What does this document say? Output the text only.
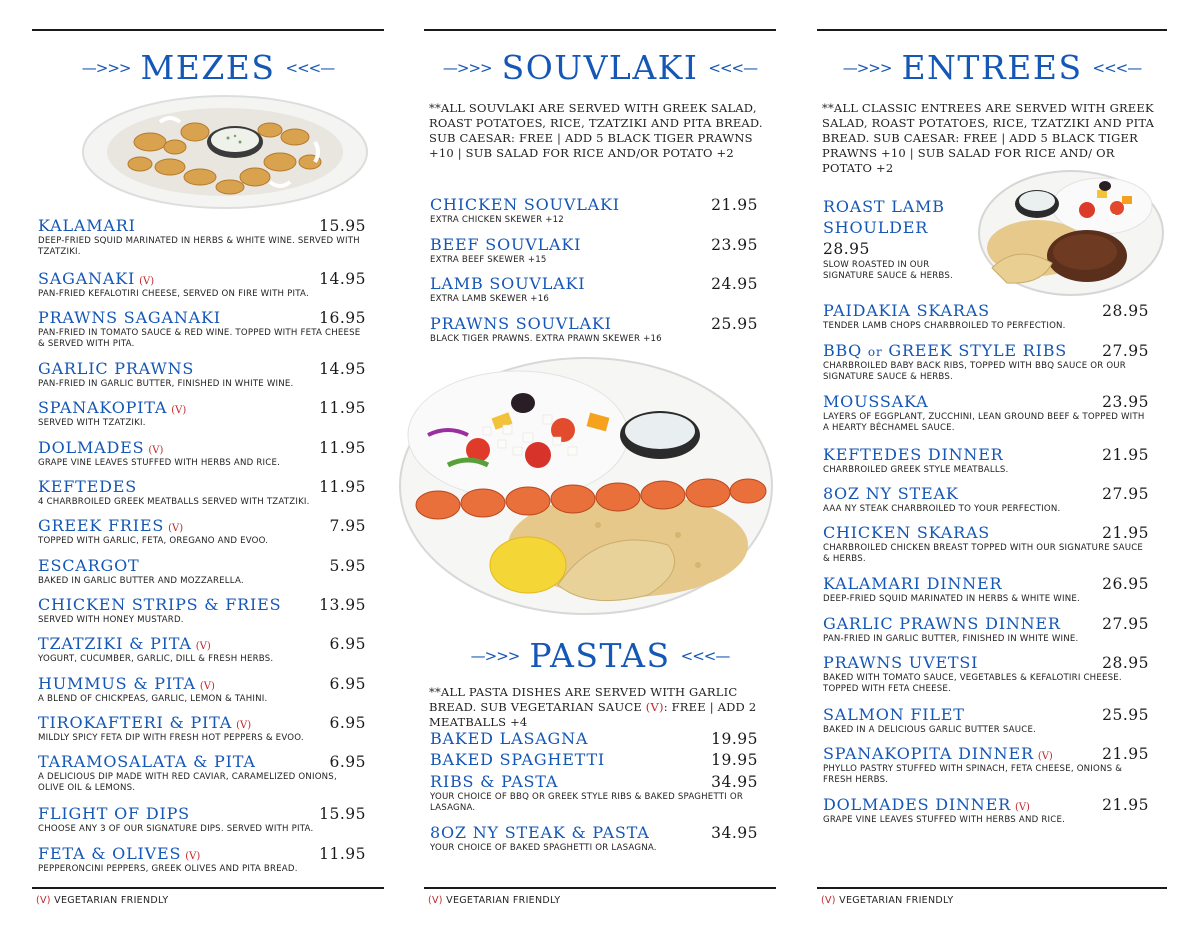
—>>> MEZES <<<—
KALAMARI	15.95
DEEP-FRIED SQUID MARINATED IN HERBS & WHITE WINE. SERVED WITH TZATZIKI.
SAGANAKI (V)	14.95
PAN-FRIED KEFALOTIRI CHEESE, SERVED ON FIRE WITH PITA.
PRAWNS SAGANAKI	16.95
PAN-FRIED IN TOMATO SAUCE & RED WINE. TOPPED WITH FETA CHEESE & SERVED WITH PITA.
GARLIC PRAWNS	14.95
PAN-FRIED IN GARLIC BUTTER, FINISHED IN WHITE WINE.
SPANAKOPITA (V)	11.95
SERVED WITH TZATZIKI.
DOLMADES (V)	11.95
GRAPE VINE LEAVES STUFFED WITH HERBS AND RICE.
KEFTEDES	11.95
4 CHARBROILED GREEK MEATBALLS SERVED WITH TZATZIKI.
GREEK FRIES (V)	7.95
TOPPED WITH GARLIC, FETA, OREGANO AND EVOO.
ESCARGOT	5.95
BAKED IN GARLIC BUTTER AND MOZZARELLA.
CHICKEN STRIPS & FRIES 13.95
SERVED WITH HONEY MUSTARD.
TZATZIKI & PITA (V)	6.95
YOGURT, CUCUMBER, GARLIC, DILL & FRESH HERBS.
HUMMUS & PITA (V)	6.95
A BLEND OF CHICKPEAS, GARLIC, LEMON & TAHINI.
TIROKAFTERI & PITA (V)	6.95
MILDLY SPICY FETA DIP WITH FRESH HOT PEPPERS & EVOO.
TARAMOSALATA & PITA	6.95
A DELICIOUS DIP MADE WITH RED CAVIAR, CARAMELIZED ONIONS, OLIVE OIL & LEMONS.
FLIGHT OF DIPS	15.95
CHOOSE ANY 3 OF OUR SIGNATURE DIPS. SERVED WITH PITA.
FETA & OLIVES (V)	11.95
PEPPERONCINI PEPPERS, GREEK OLIVES AND PITA BREAD.
(V) VEGETARIAN FRIENDLY
—>>> SOUVLAKI <<<—
**ALL SOUVLAKI ARE SERVED WITH GREEK SALAD, ROAST POTATOES, RICE, TZATZIKI AND PITA BREAD. SUB CAESAR: FREE | ADD 5 BLACK TIGER PRAWNS +10 | SUB SALAD FOR RICE AND/OR POTATO +2
CHICKEN SOUVLAKI	21.95
EXTRA CHICKEN SKEWER +12
BEEF SOUVLAKI	23.95
EXTRA BEEF SKEWER +15
LAMB SOUVLAKI	24.95
EXTRA LAMB SKEWER +16
PRAWNS SOUVLAKI	25.95
BLACK TIGER PRAWNS. EXTRA PRAWN SKEWER +16
—>>> PASTAS <<<—
**ALL PASTA DISHES ARE SERVED WITH GARLIC BREAD. SUB VEGETARIAN SAUCE (V): FREE | ADD 2 MEATBALLS +4
BAKED LASAGNA	19.95
BAKED SPAGHETTI	19.95
RIBS & PASTA	34.95
YOUR CHOICE OF BBQ OR GREEK STYLE RIBS & BAKED SPAGHETTI OR LASAGNA.
8OZ NY STEAK & PASTA	34.95
YOUR CHOICE OF BAKED SPAGHETTI OR LASAGNA.
(V) VEGETARIAN FRIENDLY
—>>> ENTREES <<<—
**ALL CLASSIC ENTREES ARE SERVED WITH GREEK SALAD, ROAST POTATOES, RICE, TZATZIKI AND PITA BREAD. SUB CAESAR: FREE | ADD 5 BLACK TIGER PRAWNS +10 | SUB SALAD FOR RICE AND/ OR POTATO +2
ROAST LAMB
SHOULDER
28.95
SLOW ROASTED IN OUR SIGNATURE SAUCE & HERBS.
PAIDAKIA SKARAS	28.95
TENDER LAMB CHOPS CHARBROILED TO PERFECTION.
BBQ or GREEK STYLE RIBS 27.95
CHARBROILED BABY BACK RIBS, TOPPED WITH BBQ SAUCE OR OUR SIGNATURE SAUCE & HERBS.
MOUSSAKA	23.95
LAYERS OF EGGPLANT, ZUCCHINI, LEAN GROUND BEEF & TOPPED WITH A HEARTY BÉCHAMEL SAUCE.
KEFTEDES DINNER	21.95
CHARBROILED GREEK STYLE MEATBALLS.
8OZ NY STEAK	27.95
AAA NY STEAK CHARBROILED TO YOUR PERFECTION.
CHICKEN SKARAS	21.95
CHARBROILED CHICKEN BREAST TOPPED WITH OUR SIGNATURE SAUCE & HERBS.
KALAMARI DINNER	26.95
DEEP-FRIED SQUID MARINATED IN HERBS & WHITE WINE.
GARLIC PRAWNS DINNER	27.95
PAN-FRIED IN GARLIC BUTTER, FINISHED IN WHITE WINE.
PRAWNS UVETSI	28.95
BAKED WITH TOMATO SAUCE, VEGETABLES & KEFALOTIRI CHEESE. TOPPED WITH FETA CHEESE.
SALMON FILET	25.95
BAKED IN A DELICIOUS GARLIC BUTTER SAUCE.
SPANAKOPITA DINNER (V)	21.95
PHYLLO PASTRY STUFFED WITH SPINACH, FETA CHEESE, ONIONS & FRESH HERBS.
DOLMADES DINNER (V)	21.95
GRAPE VINE LEAVES STUFFED WITH HERBS AND RICE.
(V) VEGETARIAN FRIENDLY
